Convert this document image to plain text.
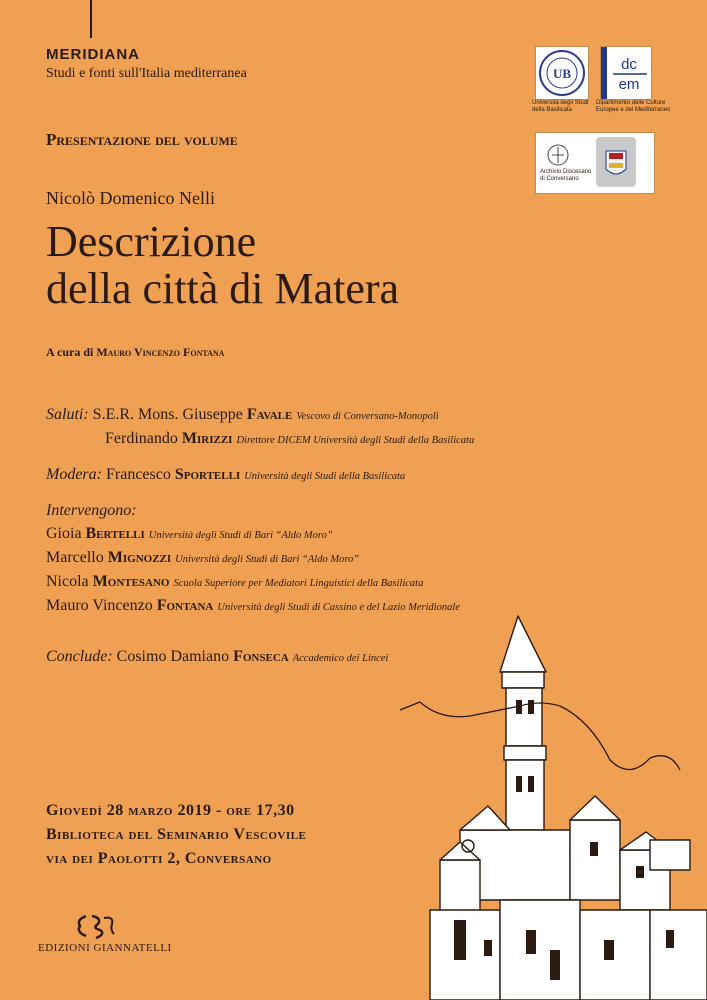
MERIDIANA
Studi e fonti sull'Italia mediterranea	UB
Università degli Studi della Basilicata
dc
em
Dipartimento delle Culture Europee e del Mediterraneo
Archivio Diocesano di Conversano
Presentazione del volume
Nicolò Domenico Nelli
Descrizione
della città di Matera
A cura di Mauro Vincenzo Fontana
Saluti: S.E.R. Mons. Giuseppe Favale Vescovo di Conversano-Monopoli
Ferdinando Mirizzi Direttore DICEM Università degli Studi della Basilicata
Modera: Francesco Sportelli Università degli Studi della Basilicata
Intervengono:
Gioia Bertelli Università degli Studi di Bari “Aldo Moro”
Marcello Mignozzi Università degli Studi di Bari “Aldo Moro”
Nicola Montesano Scuola Superiore per Mediatori Linguistici della Basilicata
Mauro Vincenzo Fontana Università degli Studi di Cassino e del Lazio Meridionale
Conclude: Cosimo Damiano Fonseca Accademico dei Lincei
Giovedì 28 marzo 2019 - ore 17,30
Biblioteca del Seminario Vescovile
via dei Paolotti 2, Conversano
EDIZIONI GIANNATELLI
